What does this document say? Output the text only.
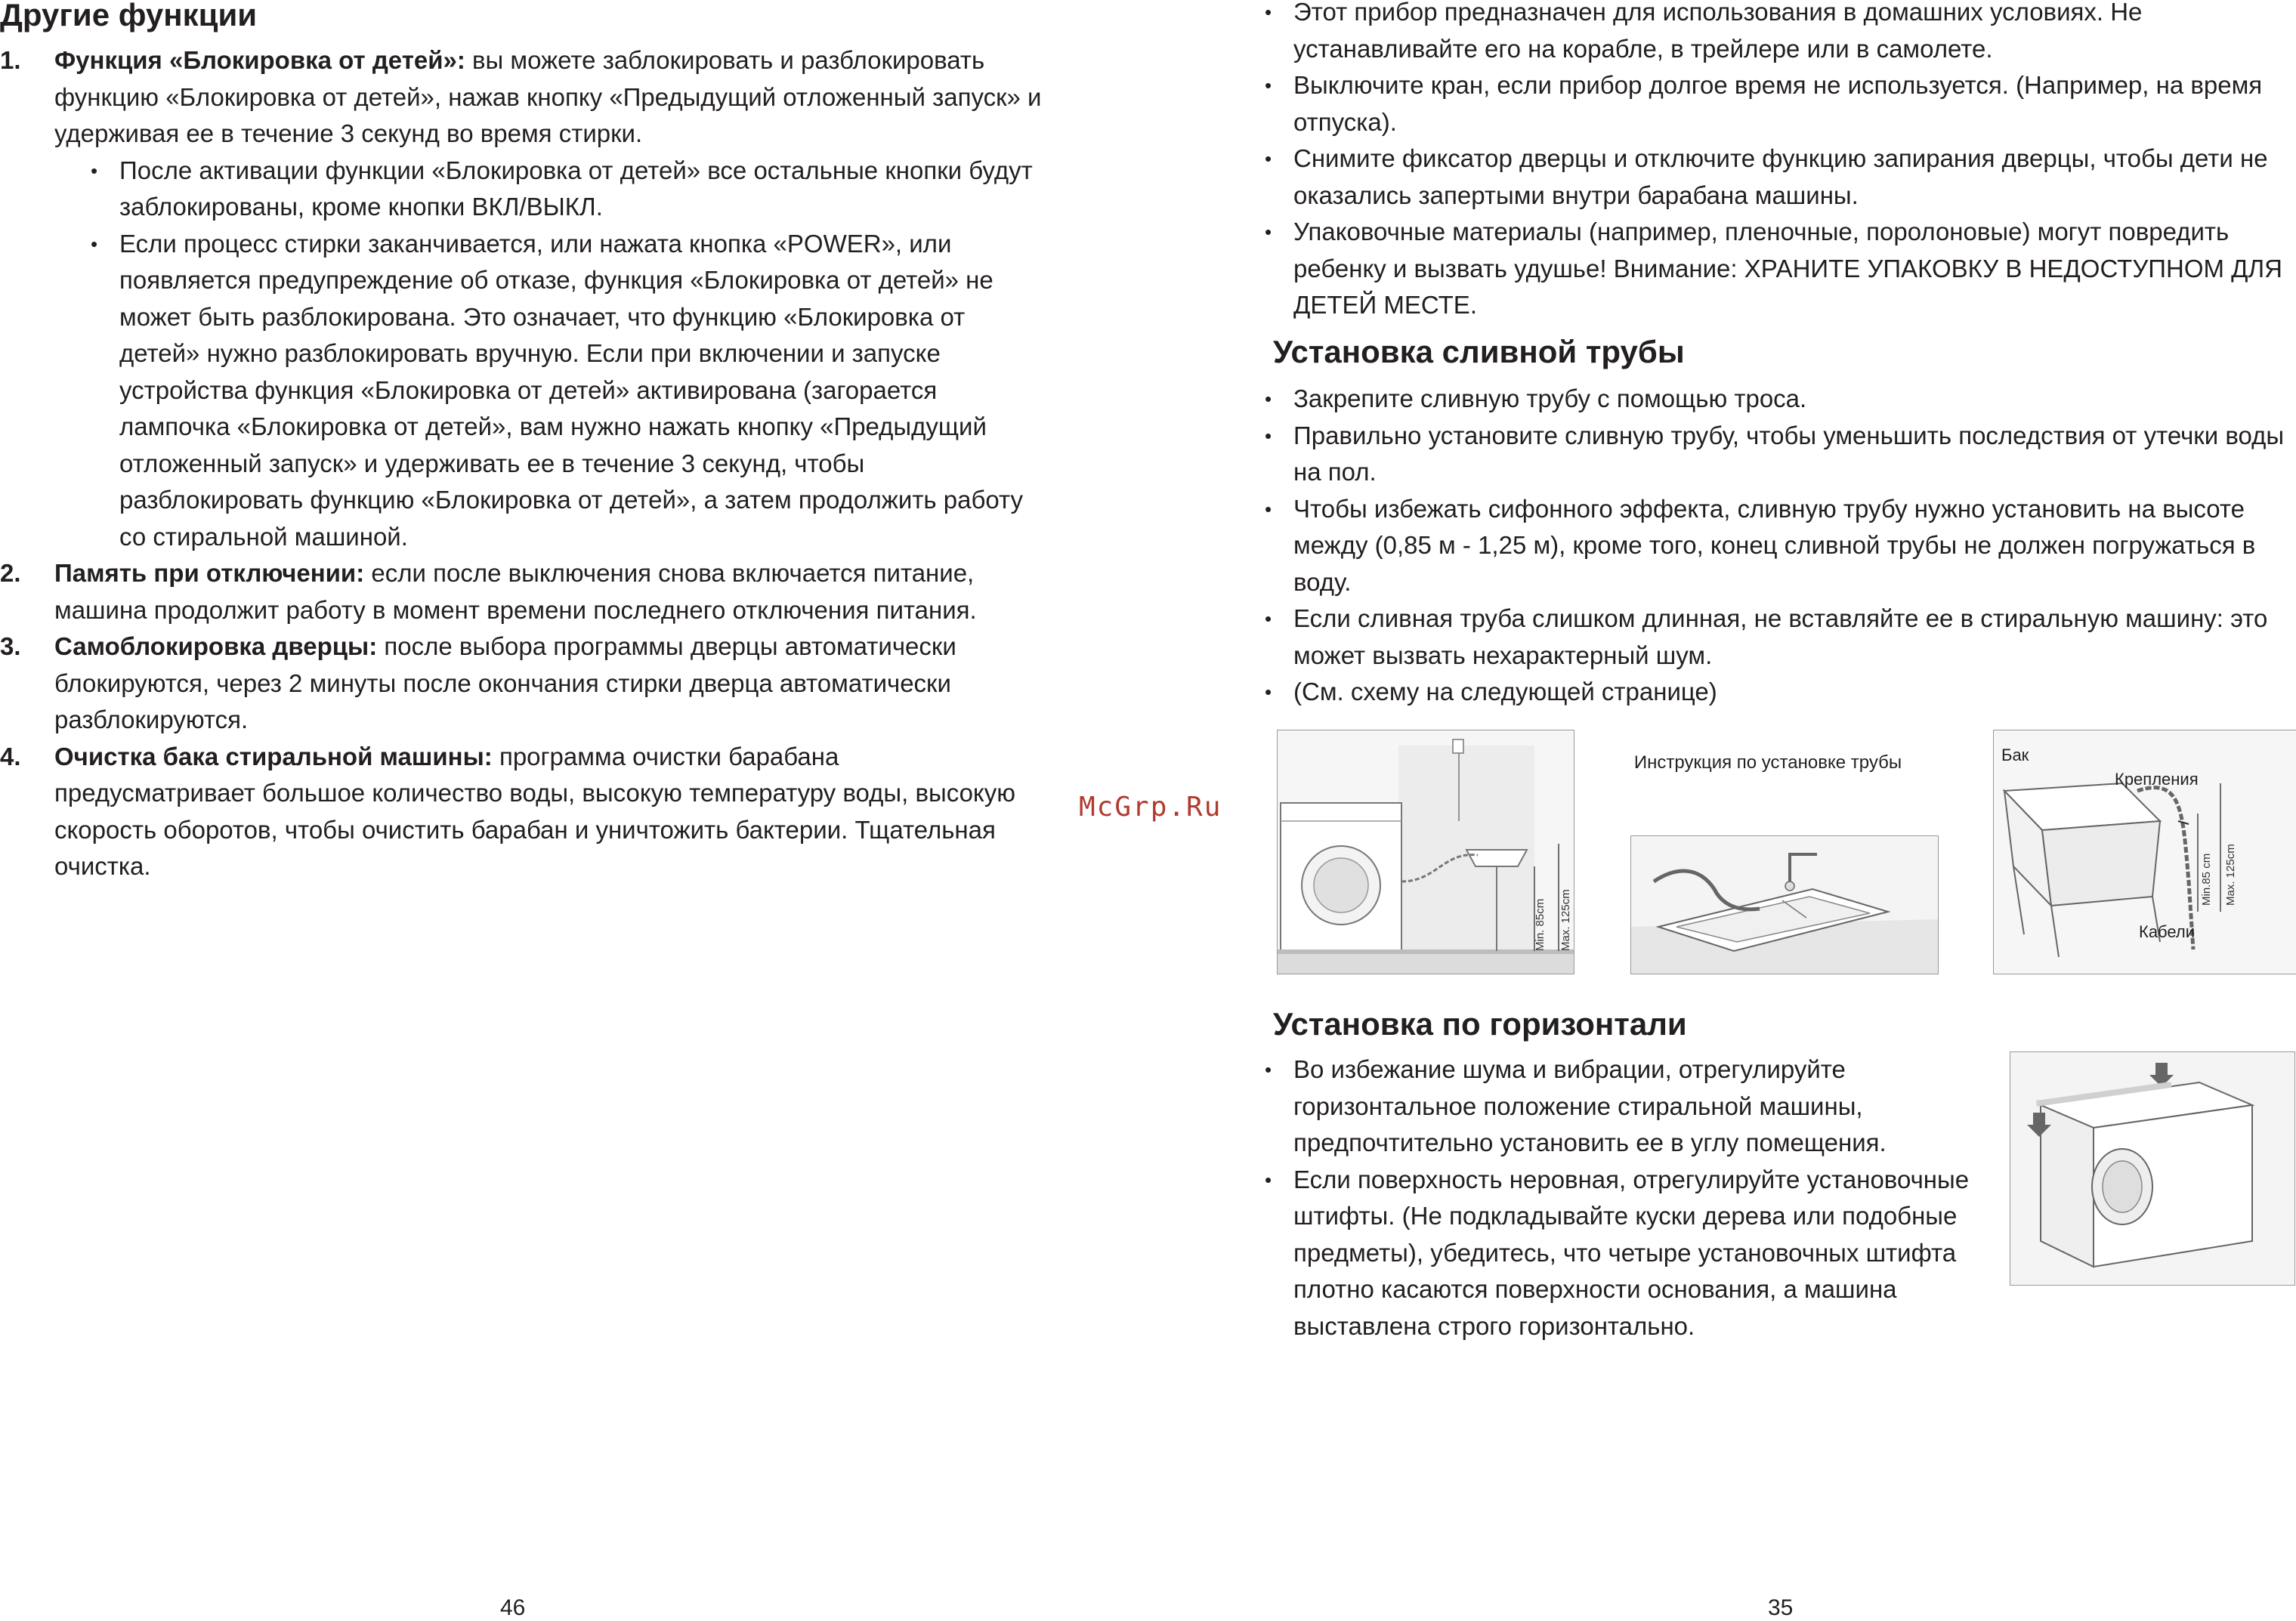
Другие функции
1. Функция «Блокировка от детей»: вы можете заблокировать и разблокировать функцию «Блокировка от детей», нажав кнопку «Предыдущий отложенный запуск» и удерживая ее в течение 3 секунд во время стирки.
• После активации функции «Блокировка от детей» все остальные кнопки будут заблокированы, кроме кнопки ВКЛ/ВЫКЛ.
• Если процесс стирки заканчивается, или нажата кнопка «POWER», или появляется предупреждение об отказе, функция «Блокировка от детей» не может быть разблокирована. Это означает, что функцию «Блокировка от детей» нужно разблокировать вручную. Если при включении и запуске устройства функция «Блокировка от детей» активирована (загорается лампочка «Блокировка от детей», вам нужно нажать кнопку «Предыдущий отложенный запуск» и удерживать ее в течение 3 секунд, чтобы разблокировать функцию «Блокировка от детей», а затем продолжить работу со стиральной машиной.
2. Память при отключении: если после выключения снова включается питание, машина продолжит работу в момент времени последнего отключения питания.
3. Самоблокировка дверцы: после выбора программы дверцы автоматически блокируются, через 2 минуты после окончания стирки дверца автоматически разблокируются.
4. Очистка бака стиральной машины: программа очистки барабана предусматривает большое количество воды, высокую температуру воды, высокую скорость оборотов, чтобы очистить барабан и уничтожить бактерии. Тщательная очистка.
46
McGrp.Ru
• Этот прибор предназначен для использования в домашних условиях. Не устанавливайте его на корабле, в трейлере или в самолете.
• Выключите кран, если прибор долгое время не используется. (Например, на время отпуска).
• Снимите фиксатор дверцы и отключите функцию запирания дверцы, чтобы дети не оказались запертыми внутри барабана машины.
• Упаковочные материалы (например, пленочные, поролоновые) могут повредить ребенку и вызвать удушье! Внимание: ХРАНИТЕ УПАКОВКУ В НЕДОСТУПНОМ ДЛЯ ДЕТЕЙ МЕСТЕ.
Установка сливной трубы
• Закрепите сливную трубу с помощью троса.
• Правильно установите сливную трубу, чтобы уменьшить последствия от утечки воды на пол.
• Чтобы избежать сифонного эффекта, сливную трубу нужно установить на высоте между (0,85 м - 1,25 м), кроме того, конец сливной трубы не должен погружаться в воду.
• Если сливная труба слишком длинная, не вставляйте ее в стиральную машину: это может вызвать нехарактерный шум.
• (См. схему на следующей странице)
Установка по горизонтали
• Во избежание шума и вибрации, отрегулируйте горизонтальное положение стиральной машины, предпочтительно установить ее в углу помещения.
• Если поверхность неровная, отрегулируйте установочные штифты. (Не подкладывайте куски дерева или подобные предметы), убедитесь, что четыре установочных штифта плотно касаются поверхности основания, а машина выставлена строго горизонтально.
35
Min. 85cm Max. 125cm
Инструкция по установке трубы	Бак
Крепления
Кабели
Min.85 cm Max. 125cm
